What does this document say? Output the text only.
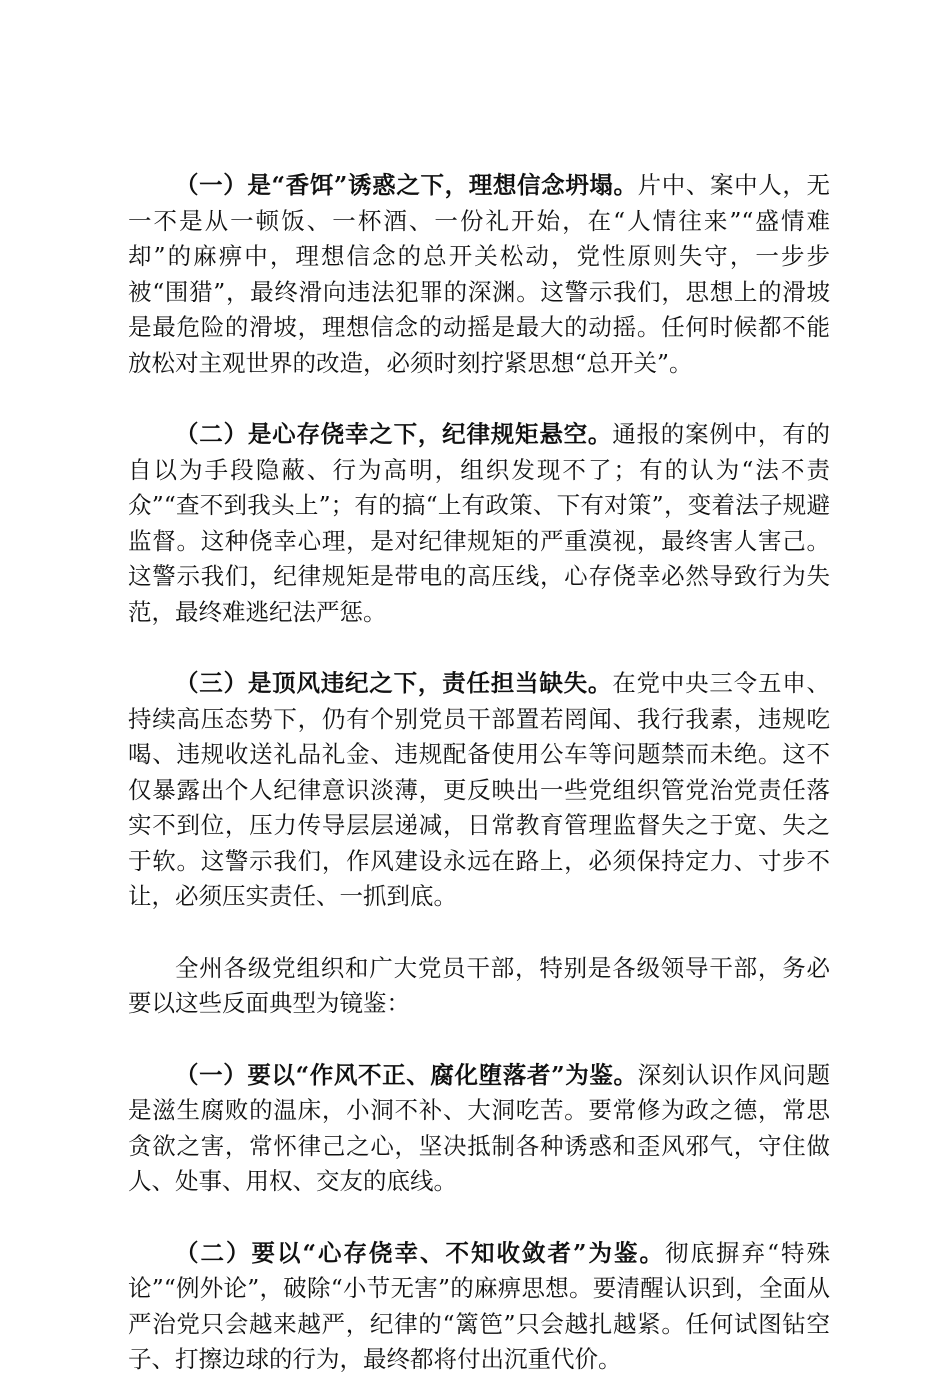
（一）是“香饵”诱惑之下，理想信念坍塌。片中、案中人，无一不是从一顿饭、一杯酒、一份礼开始，在“人情往来”“盛情难却”的麻痹中，理想信念的总开关松动，党性原则失守，一步步被“围猎”，最终滑向违法犯罪的深渊。这警示我们，思想上的滑坡是最危险的滑坡，理想信念的动摇是最大的动摇。任何时候都不能放松对主观世界的改造，必须时刻拧紧思想“总开关”。

（二）是心存侥幸之下，纪律规矩悬空。通报的案例中，有的自以为手段隐蔽、行为高明，组织发现不了；有的认为“法不责众”“查不到我头上”；有的搞“上有政策、下有对策”，变着法子规避监督。这种侥幸心理，是对纪律规矩的严重漠视，最终害人害己。这警示我们，纪律规矩是带电的高压线，心存侥幸必然导致行为失范，最终难逃纪法严惩。

（三）是顶风违纪之下，责任担当缺失。在党中央三令五申、持续高压态势下，仍有个别党员干部置若罔闻、我行我素，违规吃喝、违规收送礼品礼金、违规配备使用公车等问题禁而未绝。这不仅暴露出个人纪律意识淡薄，更反映出一些党组织管党治党责任落实不到位，压力传导层层递减，日常教育管理监督失之于宽、失之于软。这警示我们，作风建设永远在路上，必须保持定力、寸步不让，必须压实责任、一抓到底。

全州各级党组织和广大党员干部，特别是各级领导干部，务必要以这些反面典型为镜鉴：

（一）要以“作风不正、腐化堕落者”为鉴。深刻认识作风问题是滋生腐败的温床，小洞不补、大洞吃苦。要常修为政之德，常思贪欲之害，常怀律己之心，坚决抵制各种诱惑和歪风邪气，守住做人、处事、用权、交友的底线。

（二）要以“心存侥幸、不知收敛者”为鉴。彻底摒弃“特殊论”“例外论”，破除“小节无害”的麻痹思想。要清醒认识到，全面从严治党只会越来越严，纪律的“篱笆”只会越扎越紧。任何试图钻空子、打擦边球的行为，最终都将付出沉重代价。
